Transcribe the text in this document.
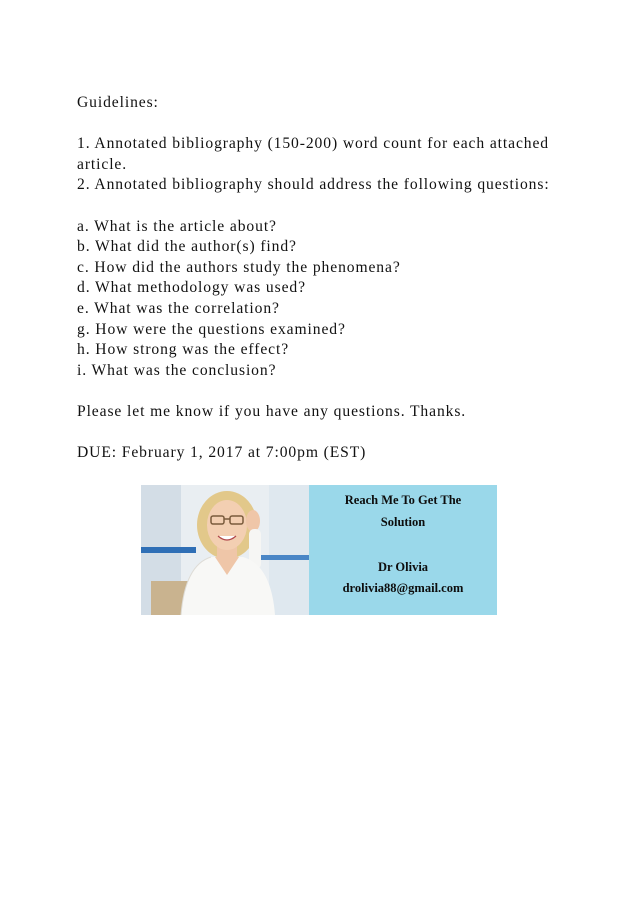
Guidelines:

1. Annotated bibliography (150-200) word count for each attached article.

2. Annotated bibliography should address the following questions:

a. What is the article about?

b. What did the author(s) find?

c. How did the authors study the phenomena?

d. What methodology was used?

e. What was the correlation?

g. How were the questions examined?

h. How strong was the effect?

i. What was the conclusion?

Please let me know if you have any questions. Thanks.

DUE: February 1, 2017 at 7:00pm (EST)

Reach Me To Get The
Solution
Dr Olivia
drolivia88@gmail.com
